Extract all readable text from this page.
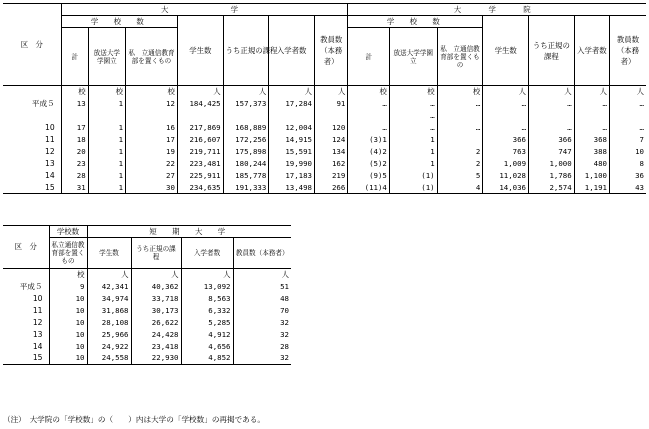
区　分	大　　　学							大　学　院						
	学　校　数			学生数	うち正規の課程	入学者数	教員数（本務者）	学　校　数			学生数	うち正規の課程	入学者数	教員数（本務者）
	計	放送大学学園立	私　立通信教育部を置くもの					計	放送大学学園立	私　立通信教育部を置くもの				
	校	校	校	人	人	人	人	校	校	校	人	人	人	人
平成５	13	1	12	184,425	157,373	17,284	91	…	…	…	…	…	…	…
									…					
10	17	1	16	217,869	168,889	12,004	120	…	…	…	…	…	…	…
11	18	1	17	216,607	172,256	14,915	124	(3)1	1		366	366	368	7
12	20	1	19	219,711	175,898	15,591	134	(4)2	1	2	763	747	388	10
13	23	1	22	223,481	180,244	19,990	162	(5)2	1	2	1,009	1,000	480	8
14	28	1	27	225,911	185,778	17,183	219	(9)5	(1)	5	11,028	1,786	1,100	36
15	31	1	30	234,635	191,333	13,498	266	(11)4	(1)	4	14,036	2,574	1,191	43
区　分	学校数	短　期　大　学			
	私立通信教育部を置くもの	学生数	うち正規の課程	入学者数	教員数（本務者）

	校	人	人	人	人
平成５	9	42,341	40,362	13,092	51
10	10	34,974	33,718	8,563	48
11	10	31,868	30,173	6,332	70
12	10	28,108	26,622	5,285	32
13	10	25,966	24,428	4,912	32
14	10	24,922	23,418	4,656	28
15	10	24,558	22,930	4,852	32
（注）　大学院の「学校数」の（　　）内は大学の「学校数」の再掲である。
